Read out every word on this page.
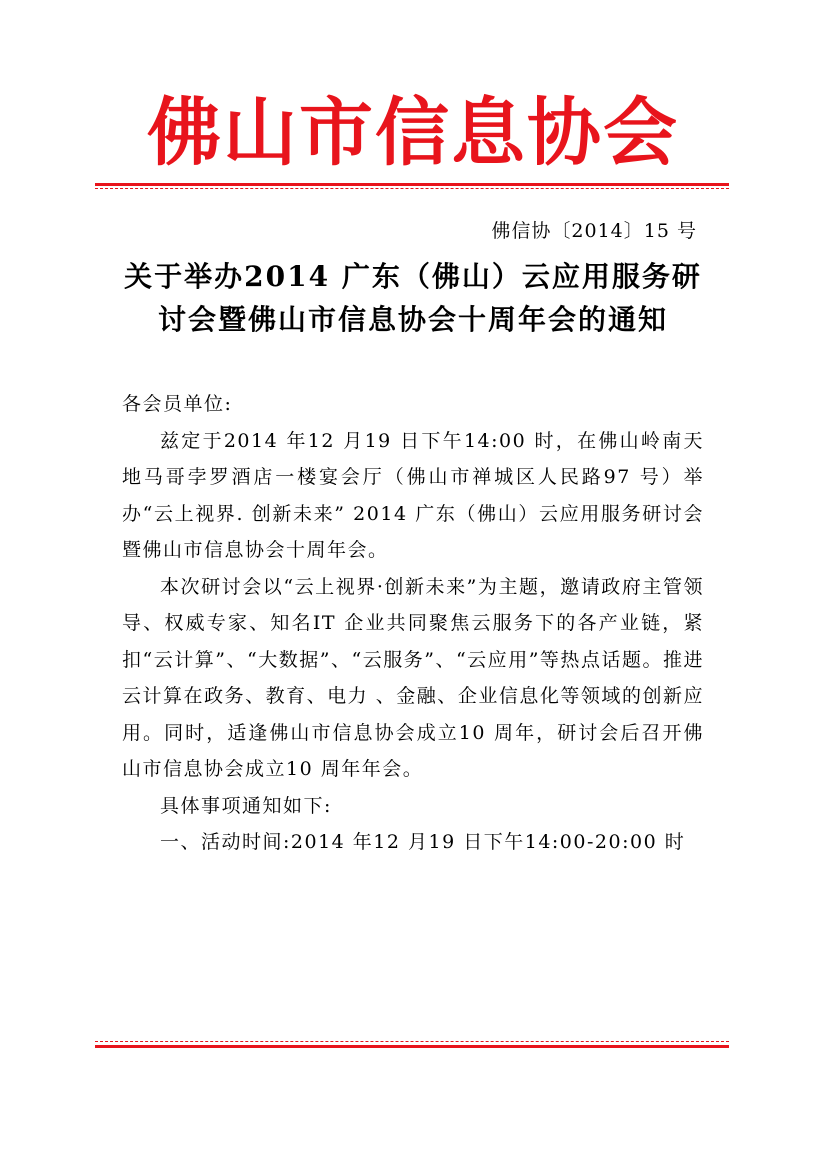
佛山市信息协会
佛信协〔2014〕15 号
关于举办2014 广东（佛山）云应用服务研
讨会暨佛山市信息协会十周年会的通知

各会员单位:

兹定于2014 年12 月19 日下午14:00 时，在佛山岭南天地马哥孛罗酒店一楼宴会厅（佛山市禅城区人民路97 号）举办“云上视界. 创新未来” 2014 广东（佛山）云应用服务研讨会暨佛山市信息协会十周年会。

本次研讨会以“云上视界·创新未来”为主题，邀请政府主管领导、权威专家、知名IT 企业共同聚焦云服务下的各产业链，紧扣“云计算”、“大数据”、“云服务”、“云应用”等热点话题。推进云计算在政务、教育、电力 、金融、企业信息化等领域的创新应用。同时，适逢佛山市信息协会成立10 周年，研讨会后召开佛山市信息协会成立10 周年年会。

具体事项通知如下:

一、活动时间:2014 年12 月19 日下午14:00-20:00 时
